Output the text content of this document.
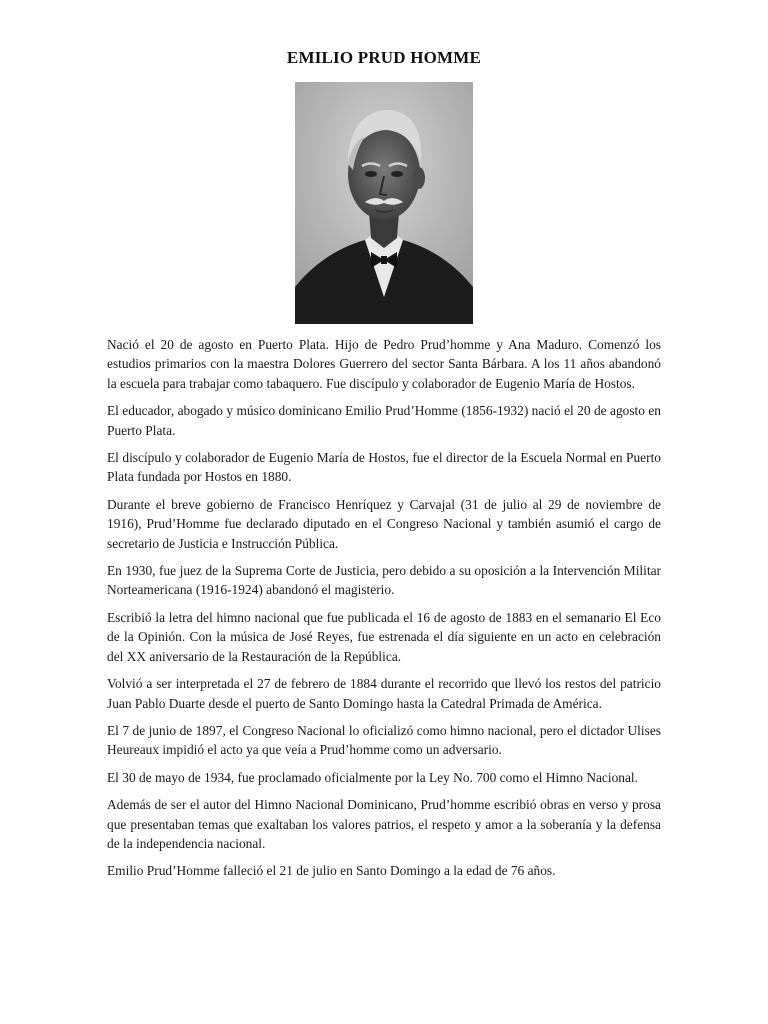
EMILIO PRUD HOMME

Nació el 20 de agosto en Puerto Plata. Hijo de Pedro Prud’homme y Ana Maduro. Comenzó los estudios primarios con la maestra Dolores Guerrero del sector Santa Bárbara. A los 11 años abandonó la escuela para trabajar como tabaquero. Fue discípulo y colaborador de Eugenio María de Hostos.

El educador, abogado y músico dominicano Emilio Prud’Homme (1856-1932) nació el 20 de agosto en Puerto Plata.

El discípulo y colaborador de Eugenio María de Hostos, fue el director de la Escuela Normal en Puerto Plata fundada por Hostos en 1880.

Durante el breve gobierno de Francisco Henríquez y Carvajal (31 de julio al 29 de noviembre de 1916), Prud’Homme fue declarado diputado en el Congreso Nacional y también asumió el cargo de secretario de Justicia e Instrucción Pública.

En 1930, fue juez de la Suprema Corte de Justicia, pero debido a su oposición a la Intervención Militar Norteamericana (1916-1924) abandonó el magisterio.

Escribió la letra del himno nacional que fue publicada el 16 de agosto de 1883 en el semanario El Eco de la Opinión. Con la música de José Reyes, fue estrenada el día siguiente en un acto en celebración del XX aniversario de la Restauración de la República.

Volvió a ser interpretada el 27 de febrero de 1884 durante el recorrido que llevó los restos del patricio Juan Pablo Duarte desde el puerto de Santo Domingo hasta la Catedral Primada de América.

El 7 de junio de 1897, el Congreso Nacional lo oficializó como himno nacional, pero el dictador Ulises Heureaux impidió el acto ya que veía a Prud’homme como un adversario.

El 30 de mayo de 1934, fue proclamado oficialmente por la Ley No. 700 como el Himno Nacional.

Además de ser el autor del Himno Nacional Dominicano, Prud’homme escribió obras en verso y prosa que presentaban temas que exaltaban los valores patrios, el respeto y amor a la soberanía y la defensa de la independencia nacional.

Emilio Prud’Homme falleció el 21 de julio en Santo Domingo a la edad de 76 años.
